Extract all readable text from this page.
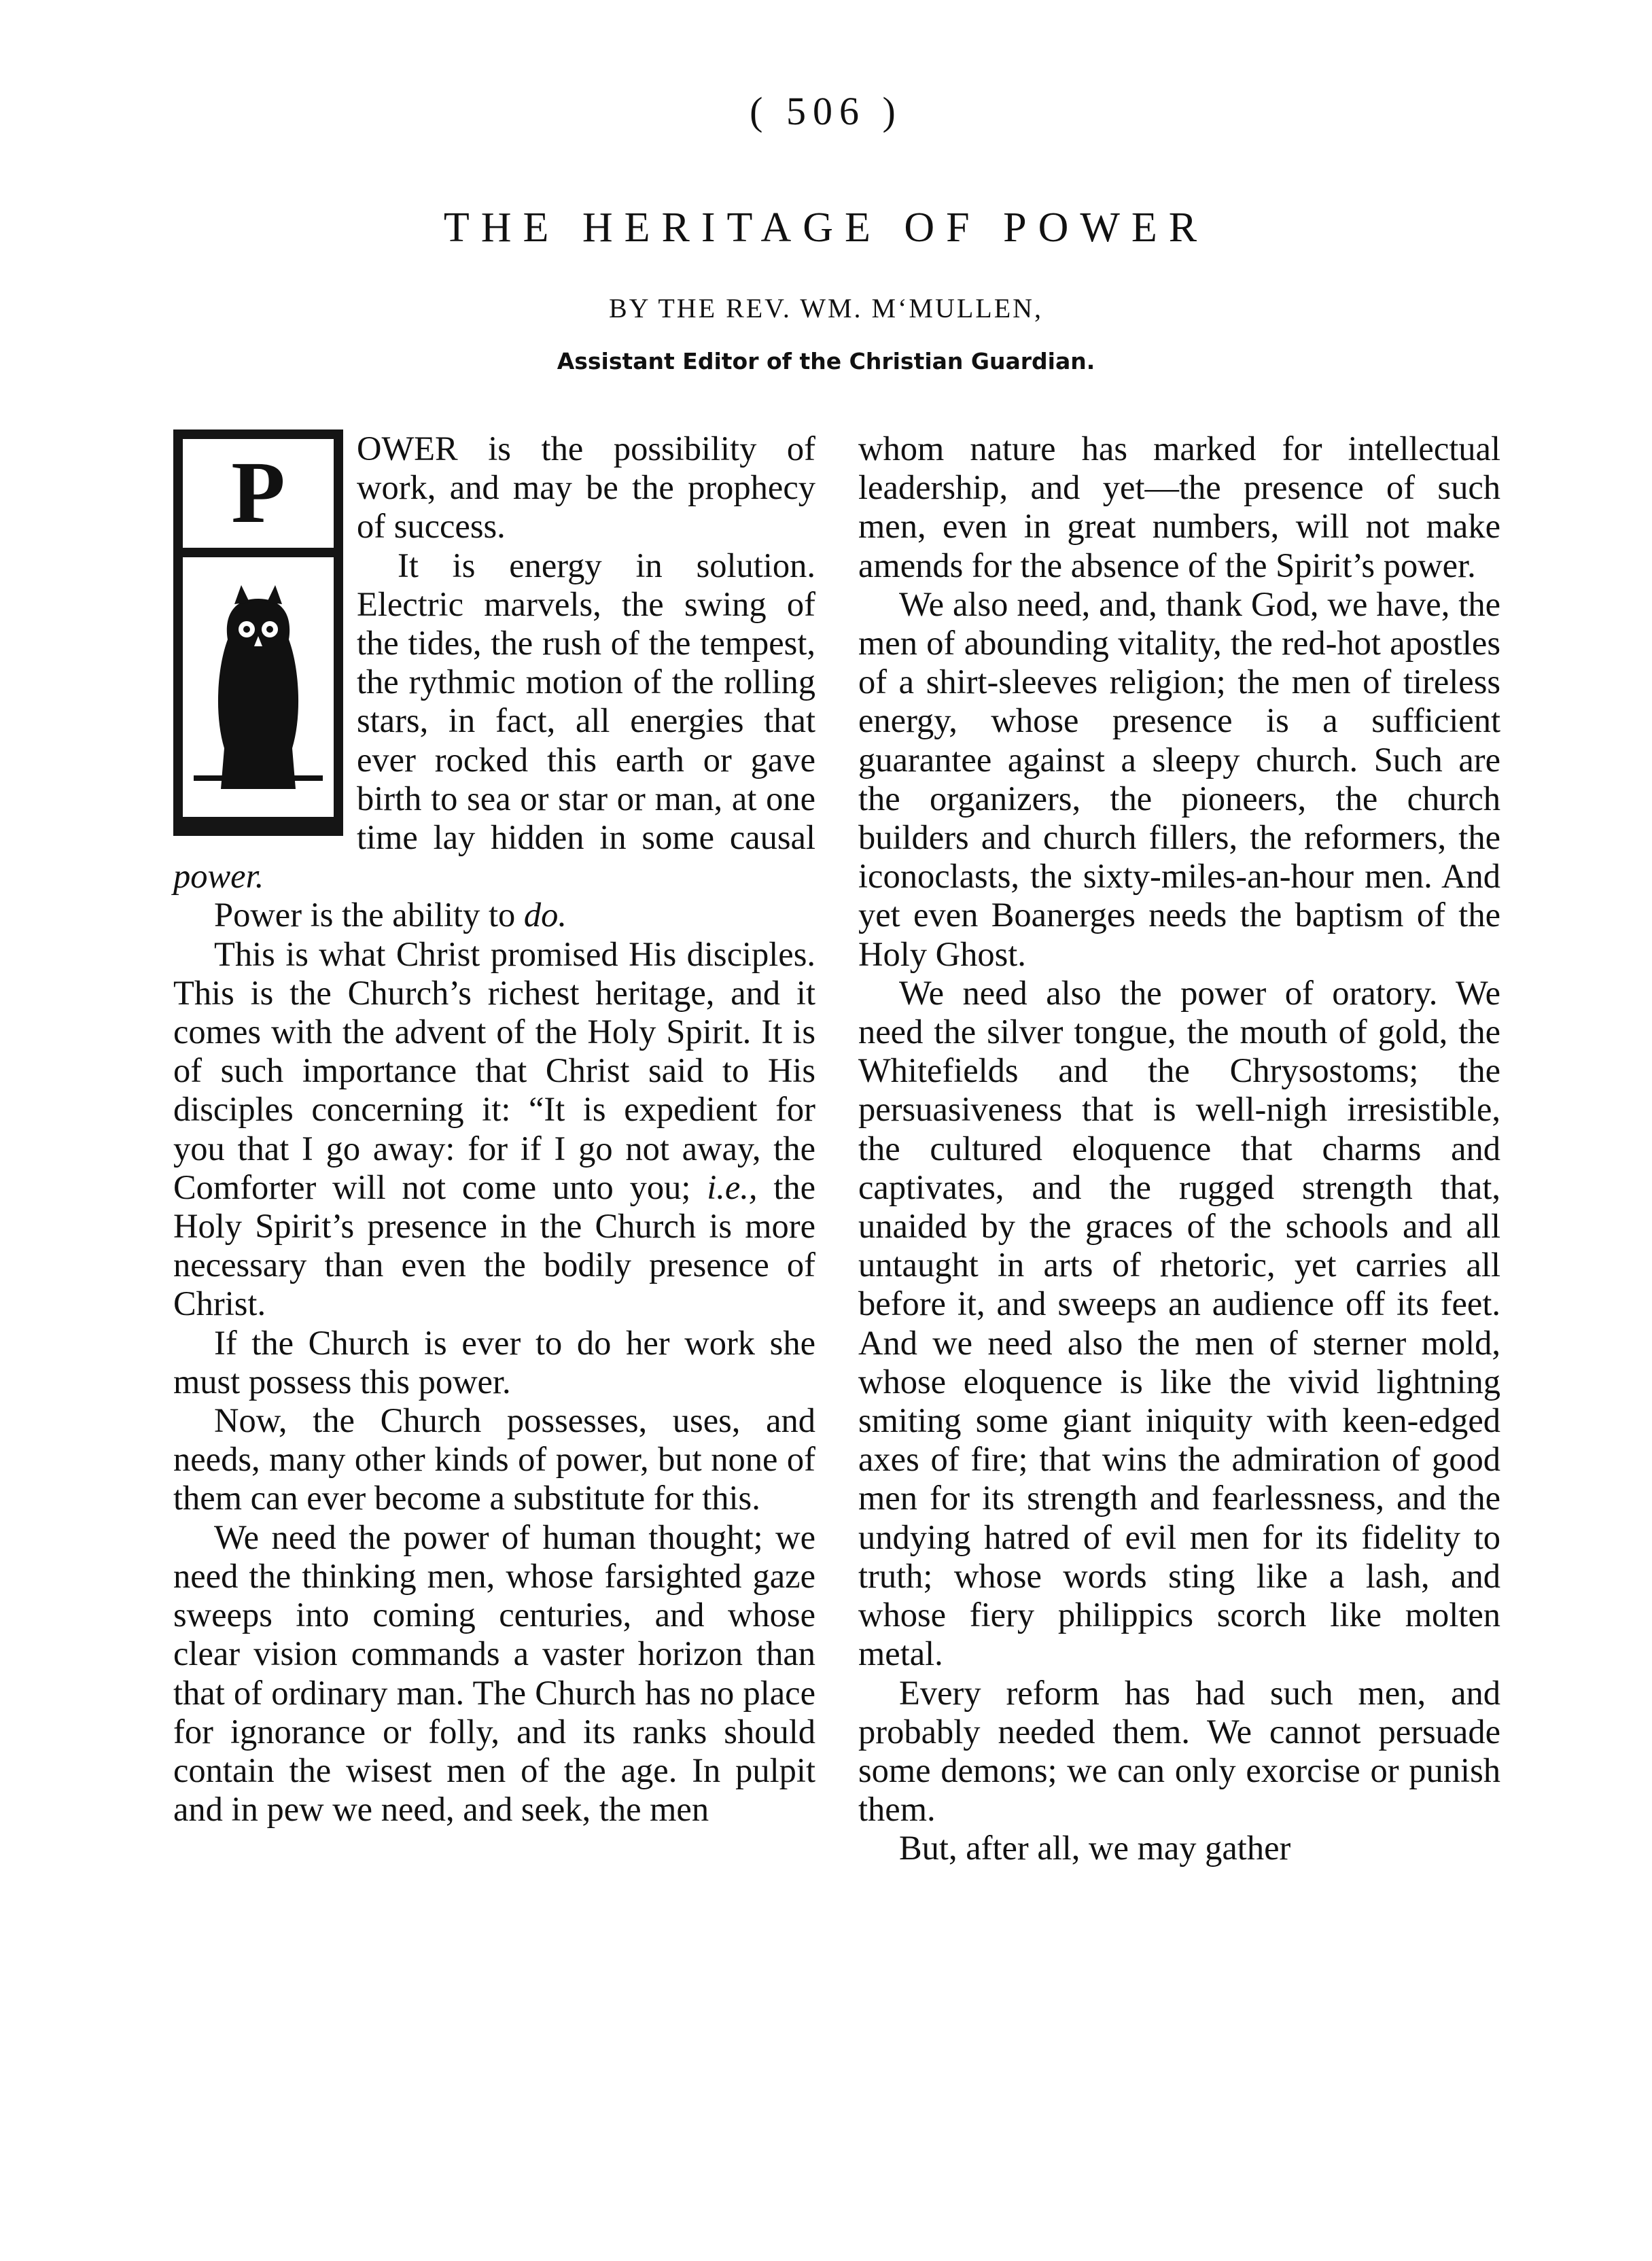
( 506 )
THE HERITAGE OF POWER
BY THE REV. WM. M‘MULLEN,
Assistant Editor of the Christian Guardian.
P	OWER is the possibility of work, and may be the prophecy of success.

It is energy in solution. Electric marvels, the swing of the tides, the rush of the tempest, the rythmic motion of the rolling stars, in fact, all energies that ever rocked this earth or gave birth to sea or star or man, at one time lay hidden in some causal power.

Power is the ability to do.

This is what Christ promised His disciples. This is the Church’s richest heritage, and it comes with the advent of the Holy Spirit. It is of such importance that Christ said to His disciples concerning it: “It is expedient for you that I go away: for if I go not away, the Comforter will not come unto you; i.e., the Holy Spirit’s presence in the Church is more necessary than even the bodily presence of Christ.

If the Church is ever to do her work she must possess this power.

Now, the Church possesses, uses, and needs, many other kinds of power, but none of them can ever become a substitute for this.

We need the power of human thought; we need the thinking men, whose farsighted gaze sweeps into coming centuries, and whose clear vision commands a vaster horizon than that of ordinary man. The Church has no place for ignorance or folly, and its ranks should contain the wisest men of the age. In pulpit and in pew we need, and seek, the men

whom nature has marked for intellectual leadership, and yet—the presence of such men, even in great numbers, will not make amends for the absence of the Spirit’s power.

We also need, and, thank God, we have, the men of abounding vitality, the red-hot apostles of a shirt-sleeves religion; the men of tireless energy, whose presence is a sufficient guarantee against a sleepy church. Such are the organizers, the pioneers, the church builders and church fillers, the reformers, the iconoclasts, the sixty-miles-an-hour men. And yet even Boanerges needs the baptism of the Holy Ghost.

We need also the power of oratory. We need the silver tongue, the mouth of gold, the Whitefields and the Chrysostoms; the persuasiveness that is well-nigh irresistible, the cultured eloquence that charms and captivates, and the rugged strength that, unaided by the graces of the schools and all untaught in arts of rhetoric, yet carries all before it, and sweeps an audience off its feet. And we need also the men of sterner mold, whose eloquence is like the vivid lightning smiting some giant iniquity with keen-edged axes of fire; that wins the admiration of good men for its strength and fearlessness, and the undying hatred of evil men for its fidelity to truth; whose words sting like a lash, and whose fiery philippics scorch like molten metal.

Every reform has had such men, and probably needed them. We cannot persuade some demons; we can only exorcise or punish them.

But, after all, we may gather
